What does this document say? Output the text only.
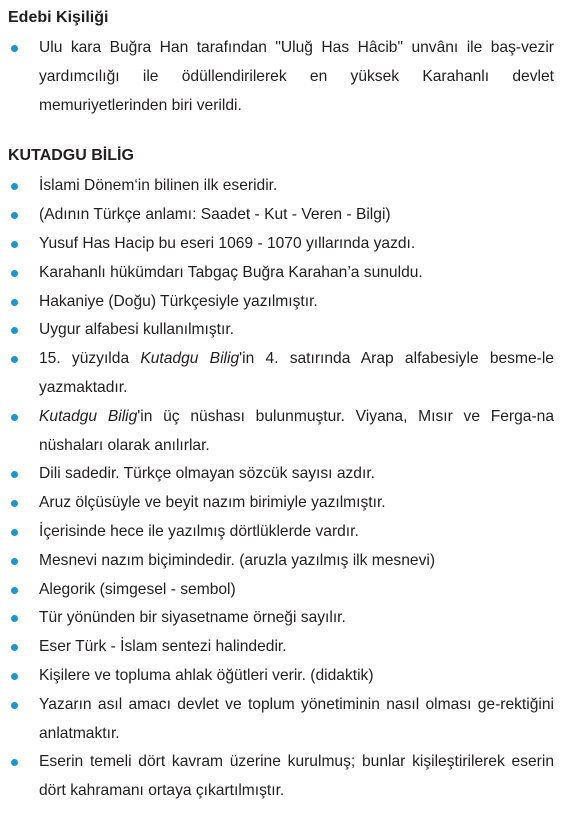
Edebi Kişiliği
Ulu kara Buğra Han tarafından "Uluğ Has Hâcib" unvânı ile baş-vezir yardımcılığı ile ödüllendirilerek en yüksek Karahanlı devlet memuriyetlerinden biri verildi.
KUTADGU BİLİG
İslami Dönem‘in bilinen ilk eseridir.
(Adının Türkçe anlamı: Saadet - Kut - Veren - Bilgi)
Yusuf Has Hacip bu eseri 1069 - 1070 yıllarında yazdı.
Karahanlı hükümdarı Tabgaç Buğra Karahan’a sunuldu.
Hakaniye (Doğu) Türkçesiyle yazılmıştır.
Uygur alfabesi kullanılmıştır.
15. yüzyılda Kutadgu Bilig'in 4. satırında Arap alfabesiyle besme-le yazmaktadır.
Kutadgu Bilig'in üç nüshası bulunmuştur. Viyana, Mısır ve Ferga-na nüshaları olarak anılırlar.
Dili sadedir. Türkçe olmayan sözcük sayısı azdır.
Aruz ölçüsüyle ve beyit nazım birimiyle yazılmıştır.
İçerisinde hece ile yazılmış dörtlüklerde vardır.
Mesnevi nazım biçimindedir. (aruzla yazılmış ilk mesnevi)
Alegorik (simgesel - sembol)
Tür yönünden bir siyasetname örneği sayılır.
Eser Türk - İslam sentezi halindedir.
Kişilere ve topluma ahlak öğütleri verir. (didaktik)
Yazarın asıl amacı devlet ve toplum yönetiminin nasıl olması ge-rektiğini anlatmaktır.
Eserin temeli dört kavram üzerine kurulmuş; bunlar kişileştirilerek eserin dört kahramanı ortaya çıkartılmıştır.
